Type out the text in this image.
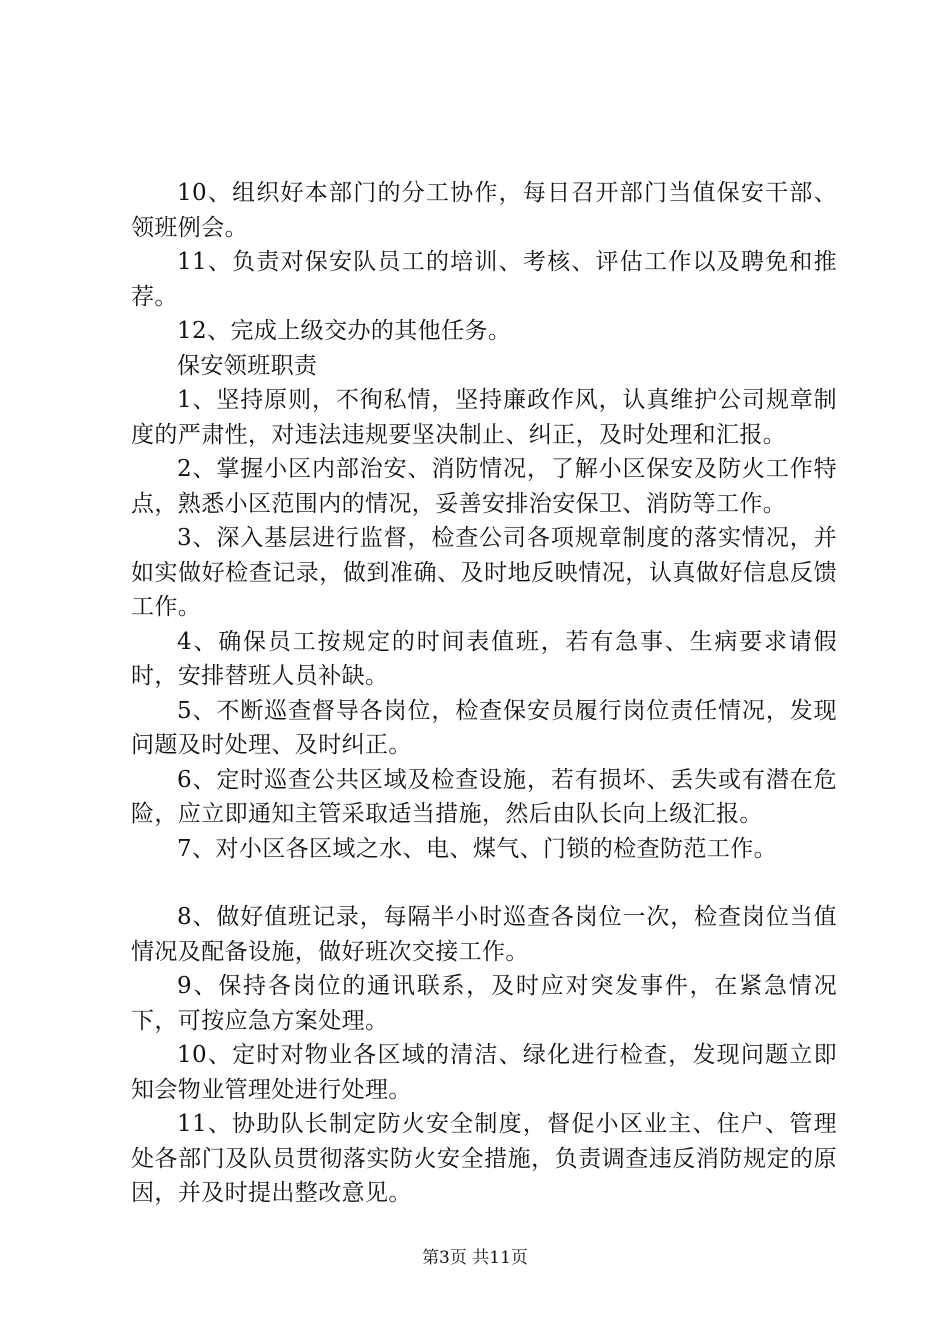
10、组织好本部门的分工协作，每日召开部门当值保安干部、领班例会。

11、负责对保安队员工的培训、考核、评估工作以及聘免和推荐。

12、完成上级交办的其他任务。

保安领班职责

1、坚持原则，不徇私情，坚持廉政作风，认真维护公司规章制度的严肃性，对违法违规要坚决制止、纠正，及时处理和汇报。

2、掌握小区内部治安、消防情况，了解小区保安及防火工作特点，熟悉小区范围内的情况，妥善安排治安保卫、消防等工作。

3、深入基层进行监督，检查公司各项规章制度的落实情况，并如实做好检查记录，做到准确、及时地反映情况，认真做好信息反馈工作。

4、确保员工按规定的时间表值班，若有急事、生病要求请假时，安排替班人员补缺。

5、不断巡查督导各岗位，检查保安员履行岗位责任情况，发现问题及时处理、及时纠正。

6、定时巡查公共区域及检查设施，若有损坏、丢失或有潜在危险，应立即通知主管采取适当措施，然后由队长向上级汇报。

7、对小区各区域之水、电、煤气、门锁的检查防范工作。

8、做好值班记录，每隔半小时巡查各岗位一次，检查岗位当值情况及配备设施，做好班次交接工作。

9、保持各岗位的通讯联系，及时应对突发事件，在紧急情况下，可按应急方案处理。

10、定时对物业各区域的清洁、绿化进行检查，发现问题立即知会物业管理处进行处理。

11、协助队长制定防火安全制度，督促小区业主、住户、管理处各部门及队员贯彻落实防火安全措施，负责调查违反消防规定的原因，并及时提出整改意见。

第3页 共11页
